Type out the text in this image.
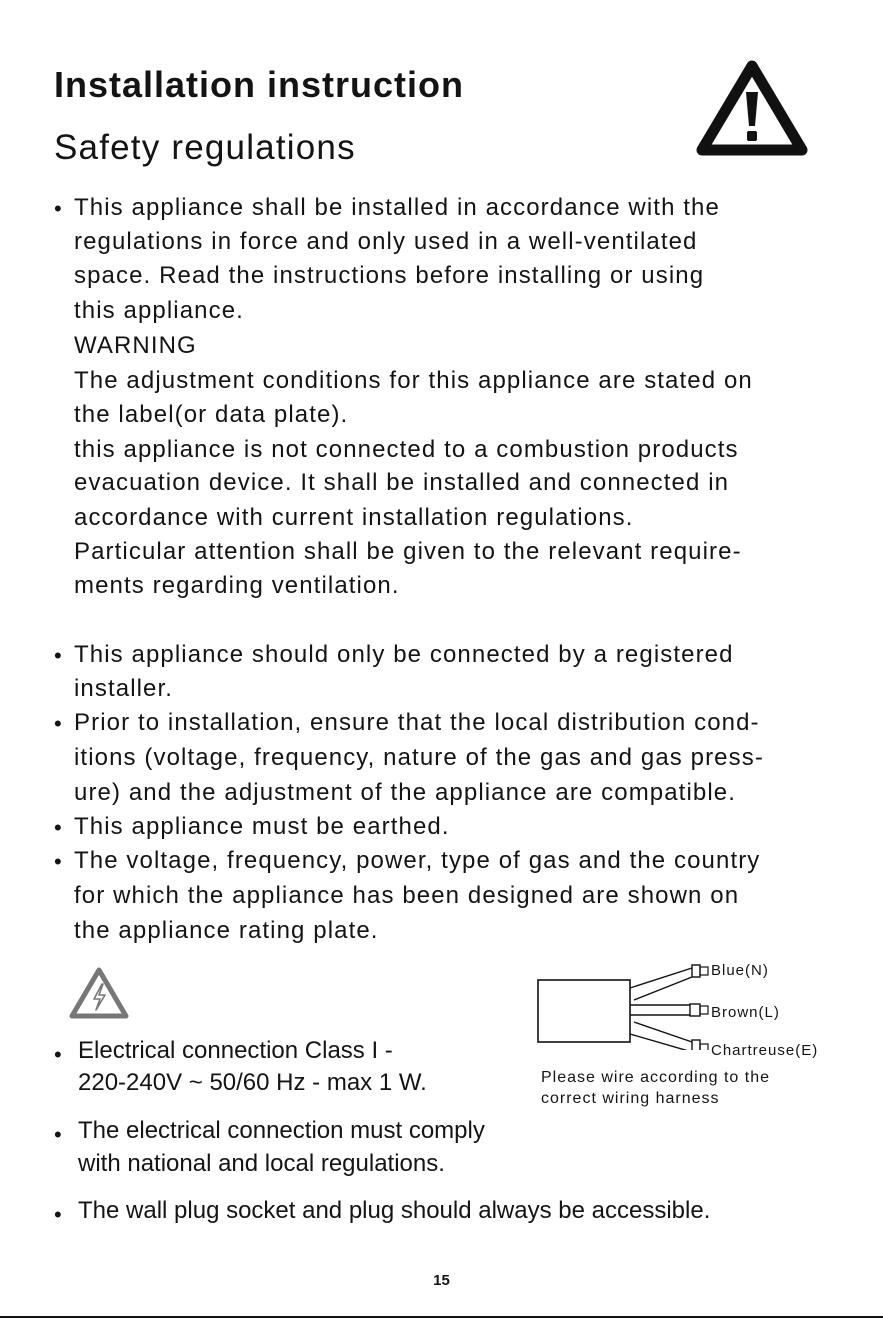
Installation instruction
Safety regulations
• This appliance shall be installed in accordance with the
regulations in force and only used in a well-ventilated
space. Read the instructions before installing or using
this appliance.
WARNING
The adjustment conditions for this appliance are stated on
the label(or data plate).
this appliance is not connected to a combustion products
evacuation device. It shall be installed and connected in
accordance with current installation regulations.
Particular attention shall be given to the relevant require-
ments regarding ventilation.
• This appliance should only be connected by a registered
installer.
• Prior to installation, ensure that the local distribution cond-
itions (voltage, frequency, nature of the gas and gas press-
ure) and the adjustment of the appliance are compatible.
• This appliance must be earthed.
• The voltage, frequency, power, type of gas and the country
for which the appliance has been designed are shown on
the appliance rating plate.
Blue(N)
Brown(L)
Chartreuse(E)
Please wire according to the
correct wiring harness
• Electrical connection Class I -
220-240V ~ 50/60 Hz - max 1 W.
• The electrical connection must comply
with national and local regulations.
• The wall plug socket and plug should always be accessible.
15
